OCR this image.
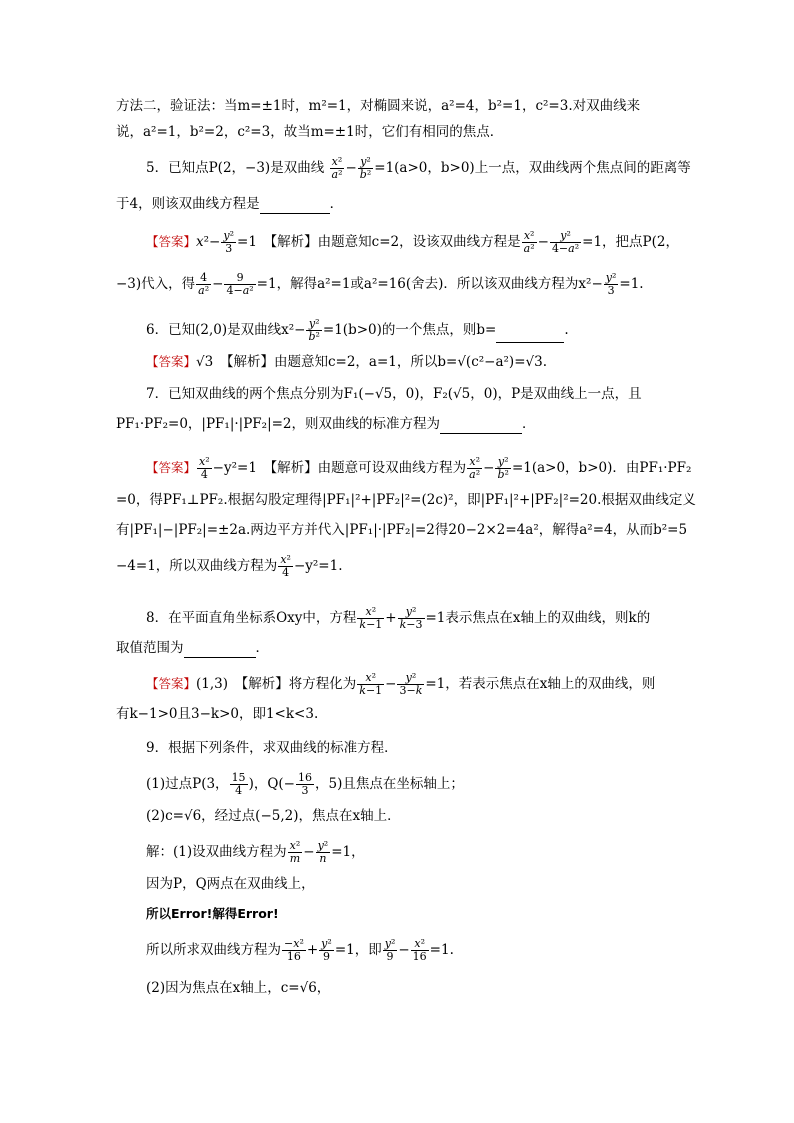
方法二，验证法：当m=±1时，m²=1，对椭圆来说，a²=4，b²=1，c²=3.对双曲线来
说，a²=1，b²=2，c²=3，故当m=±1时，它们有相同的焦点．
5．已知点P(2，−3)是双曲线 $\frac{\text{x²}}{\text{a²}} - \frac{\text{y²}}{\text{b²}} =1(a>0$，b>0)上一点，双曲线两个焦点间的距离等
于4，则该双曲线方程是	．
【答案】$x^2- \frac{\text{y²}}{3} =1$　【解析】由题意知c=2，设该双曲线方程是 $\frac{\text{x²}}{\text{a²}} - \frac{\text{y²}}{\text{4−a²}} =1$，把点P(2，
−3)代入，得 $\frac{4}{\text{a²}} - \frac{9}{\text{4−a²}} =1$，解得a²=1或a²=16(舍去)．所以该双曲线方程为$x^2- \frac{\text{y²}}{3} =1$.
6．已知(2,0)是双曲线$x^2- \frac{\text{y²}}{\text{b²}} =1(b>0)$的一个焦点，则b=	.
【答案】√3　【解析】由题意知c=2，a=1，所以b=√(c²−a²)=√3.
7．已知双曲线的两个焦点分别为F₁(−√5，0)，F₂(√5，0)，P是双曲线上一点，且
PF₁·PF₂=0，|PF₁|·|PF₂|=2，则双曲线的标准方程为	．
【答案】 $\frac{\text{x²}}{4} -y^2=1$　【解析】由题意可设双曲线方程为 $\frac{\text{x²}}{\text{a²}} - \frac{\text{y²}}{\text{b²}} =1(a>0$，b>0)．由PF₁·PF₂
=0，得PF₁⊥PF₂.根据勾股定理得|PF₁|²+|PF₂|²=(2c)²，即|PF₁|²+|PF₂|²=20.根据双曲线定义
有|PF₁|−|PF₂|=±2a.两边平方并代入|PF₁|·|PF₂|=2得20−2×2=4a²，解得a²=4，从而b²=5
−4=1，所以双曲线方程为 $\frac{\text{x²}}{4} -y^2=1$.
8．在平面直角坐标系Oxy中，方程 $\frac{\text{x²}}{k-1} + \frac{\text{y²}}{k-3} =1$表示焦点在x轴上的双曲线，则k的
取值范围为	．
【答案】(1,3)　【解析】将方程化为 $\frac{\text{x²}}{k-1} - \frac{\text{y²}}{3-k} =1$，若表示焦点在x轴上的双曲线，则
有k−1>0且3−k>0，即1<k<3.
9．根据下列条件，求双曲线的标准方程．
(1)过点P(3， $\frac{15}{4}$ )，$Q(- \frac{16}{3}$ ，5)且焦点在坐标轴上；
(2)c=√6，经过点(−5,2)，焦点在x轴上．
解：(1)设双曲线方程为 $\frac{\text{x²}}{m} - \frac{\text{y²}}{n} =1$，
因为P，Q两点在双曲线上，
所以Error!解得Error!
所以所求双曲线方程为 $\frac{\text{−x²}}{16} + \frac{\text{y²}}{9} =1$，即 $\frac{\text{y²}}{9} - \frac{\text{x²}}{16} =1$.
(2)因为焦点在x轴上，c=√6，
